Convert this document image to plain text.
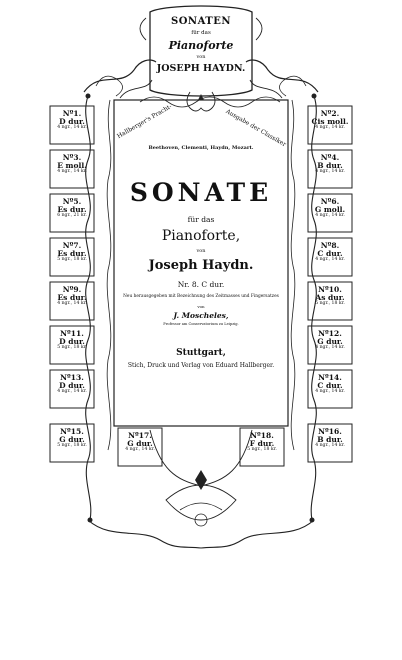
SONATEN
für das
Pianoforte
von
JOSEPH HAYDN.
Hallberger's Pracht-	Ausgabe der Classiker
Beethoven, Clementi, Haydn, Mozart.
SONATE
für das
Pianoforte,
von
Joseph Haydn.
Nr. 8. C dur.
Neu herausgegeben mit Bezeichnung des Zeitmasses und Fingersatzes
von
J. Moscheles,
Professor am Conservatorium zu Leipzig.
Stuttgart,
Stich, Druck und Verlag von Eduard Hallberger.
Nº1.
D dur.
4 ngr., 14 kr.
Nº3.
E moll.
4 ngr., 14 kr.
Nº5.
Es dur.
6 ngr., 21 kr.
Nº7.
Es dur.
5 ngr., 18 kr.
Nº9.
Es dur.
4 ngr., 14 kr.
Nº11.
D dur.
5 ngr., 18 kr.
Nº13.
D dur.
4 ngr., 14 kr.
Nº15.
G dur.
5 ngr., 18 kr.
Nº2.
Cis moll.
4 ngr., 14 kr.
Nº4.
B dur.
4 ngr., 14 kr.
Nº6.
G moll.
4 ngr., 14 kr.
Nº8.
C dur.
4 ngr., 14 kr.
Nº10.
As dur.
5 ngr., 18 kr.
Nº12.
G dur.
4 ngr., 14 kr.
Nº14.
C dur.
4 ngr., 14 kr.
Nº16.
B dur.
4 ngr., 14 kr.
Nº17.
G dur.
4 ngr., 14 kr.
Nº18.
F dur.
5 ngr., 18 kr.
